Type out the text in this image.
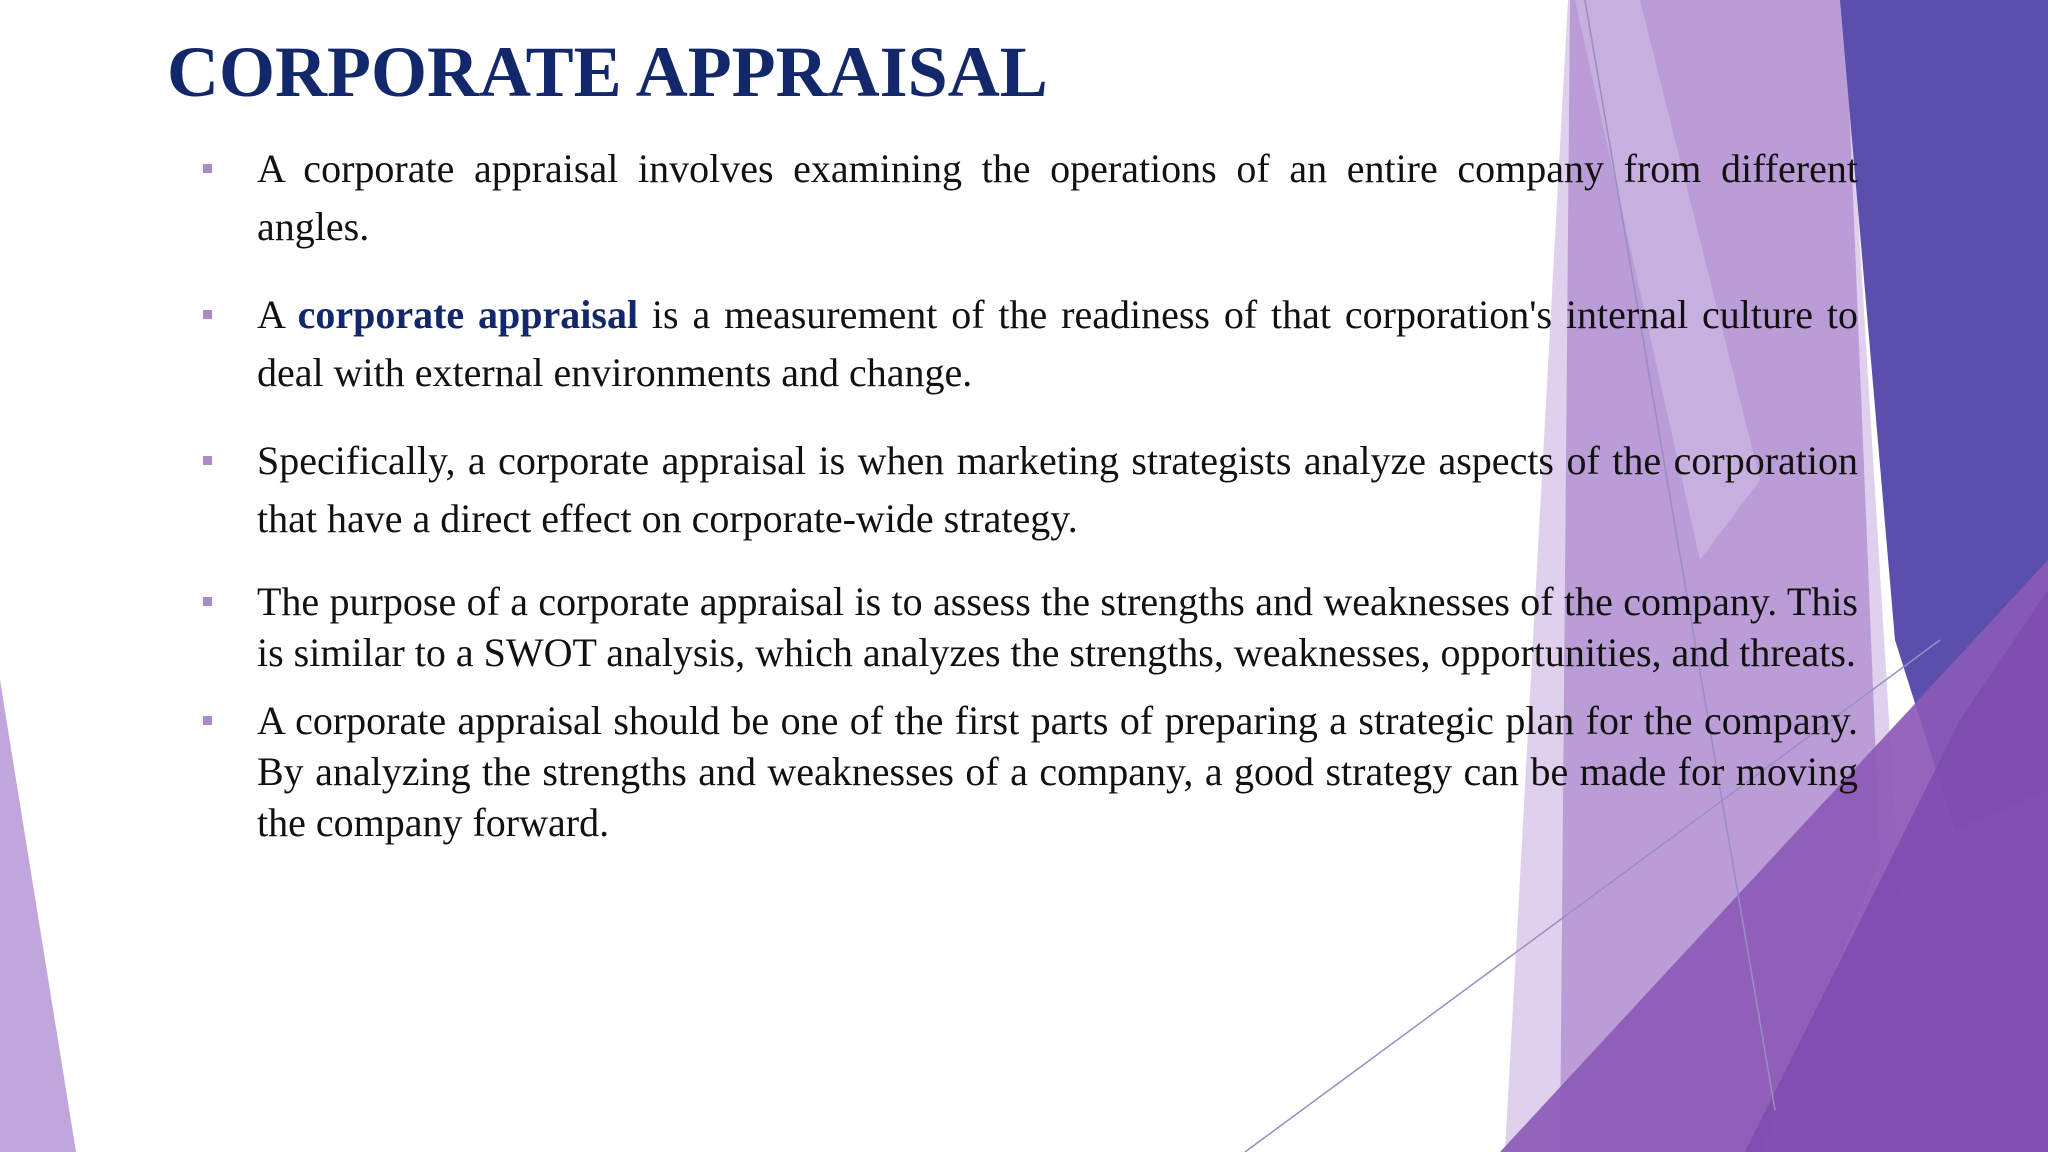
CORPORATE APPRAISAL
A corporate appraisal involves examining the operations of an entire company from different angles.
A corporate appraisal is a measurement of the readiness of that corporation's internal culture to deal with external environments and change.
Specifically, a corporate appraisal is when marketing strategists analyze aspects of the corporation that have a direct effect on corporate-wide strategy.
The purpose of a corporate appraisal is to assess the strengths and weaknesses of the company. This is similar to a SWOT analysis, which analyzes the strengths, weaknesses, opportunities, and threats.
A corporate appraisal should be one of the first parts of preparing a strategic plan for the company. By analyzing the strengths and weaknesses of a company, a good strategy can be made for moving the company forward.
